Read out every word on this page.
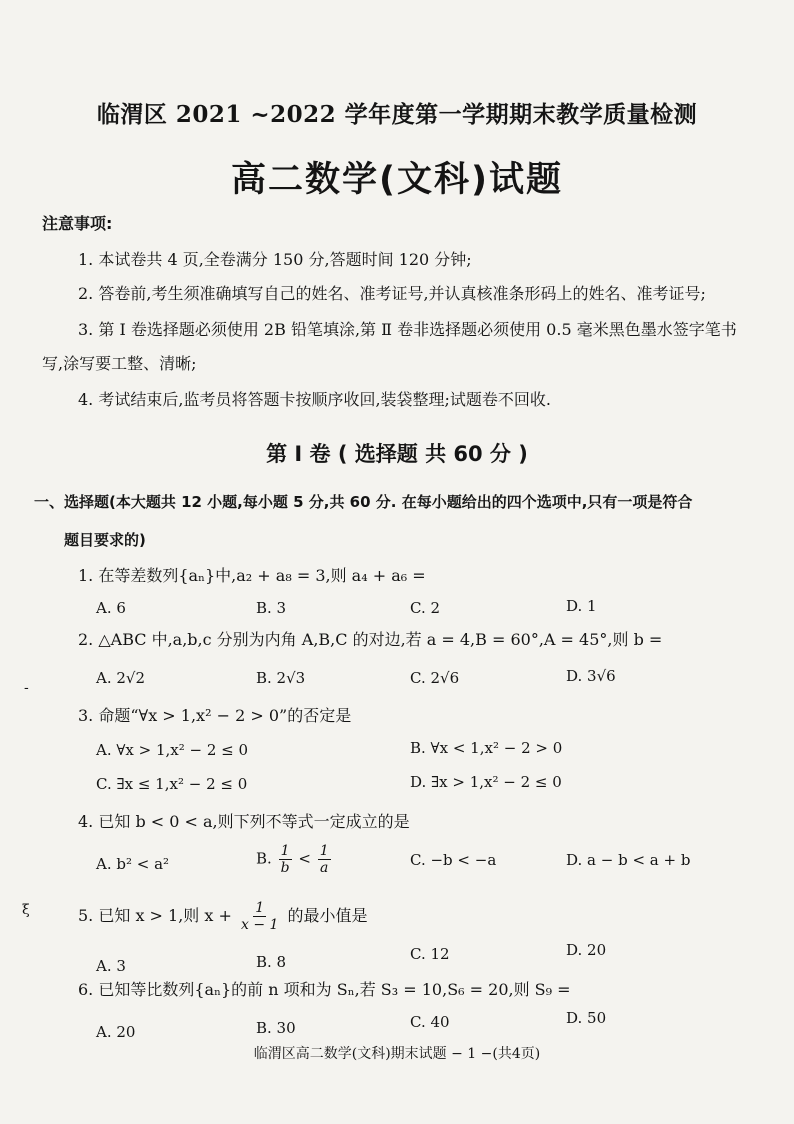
临渭区 2021 ~2022 学年度第一学期期末教学质量检测
高二数学(文科)试题
注意事项:
1. 本试卷共 4 页,全卷满分 150 分,答题时间 120 分钟;
2. 答卷前,考生须准确填写自己的姓名、准考证号,并认真核准条形码上的姓名、准考证号;
3. 第 Ⅰ 卷选择题必须使用 2B 铅笔填涂,第 Ⅱ 卷非选择题必须使用 0.5 毫米黑色墨水签字笔书
写,涂写要工整、清晰;
4. 考试结束后,监考员将答题卡按顺序收回,装袋整理;试题卷不回收.
第 Ⅰ 卷 ( 选择题 共 60 分 )
一、选择题(本大题共 12 小题,每小题 5 分,共 60 分. 在每小题给出的四个选项中,只有一项是符合
题目要求的)
1. 在等差数列{aₙ}中,a₂ + a₈ = 3,则 a₄ + a₆ =
A. 6	B. 3	C. 2	D. 1
2. △ABC 中,a,b,c 分别为内角 A,B,C 的对边,若 a = 4,B = 60°,A = 45°,则 b =
A. 2√2	B. 2√3	C. 2√6	D. 3√6
3. 命题“∀x > 1,x² − 2 > 0”的否定是
A. ∀x > 1,x² − 2 ≤ 0	B. ∀x < 1,x² − 2 > 0
C. ∃x ≤ 1,x² − 2 ≤ 0	D. ∃x > 1,x² − 2 ≤ 0
4. 已知 b < 0 < a,则下列不等式一定成立的是
A. b² < a²	B. $\frac{1}{b} < \frac{1}{a}$	C. −b < −a	D. a − b < a + b
5. 已知 x > 1,则 $x + \frac{1}{x - 1}$ 的最小值是
A. 3	B. 8	C. 12	D. 20
6. 已知等比数列{aₙ}的前 n 项和为 Sₙ,若 S₃ = 10,S₆ = 20,则 S₉ =
A. 20	B. 30	C. 40	D. 50
临渭区高二数学(文科)期末试题 − 1 −(共4页)
-
ξ
